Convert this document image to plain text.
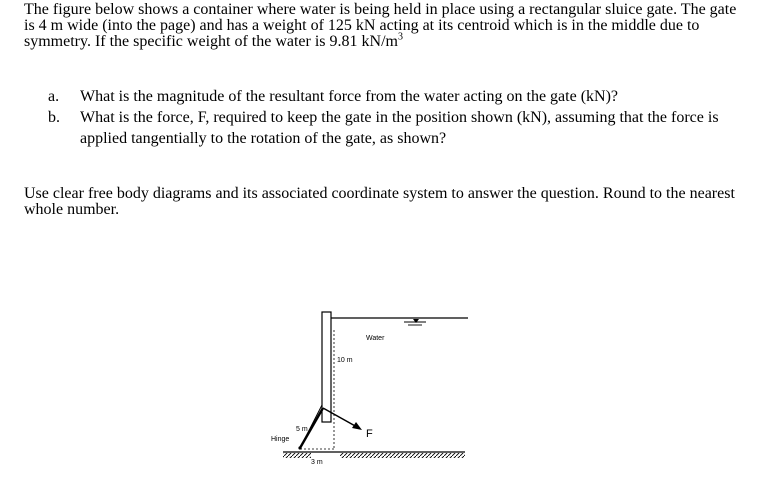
The figure below shows a container where water is being held in place using a rectangular sluice gate. The gate is 4 m wide (into the page) and has a weight of 125 kN acting at its centroid which is in the middle due to symmetry. If the specific weight of the water is 9.81 $kN/m^3$

a. What is the magnitude of the resultant force from the water acting on the gate (kN)?
b. What is the force, F, required to keep the gate in the position shown (kN), assuming that the force is applied tangentially to the rotation of the gate, as shown?

Use clear free body diagrams and its associated coordinate system to answer the question. Round to the nearest whole number.

Water
10 m
5 m	F
Hinge
3 m
